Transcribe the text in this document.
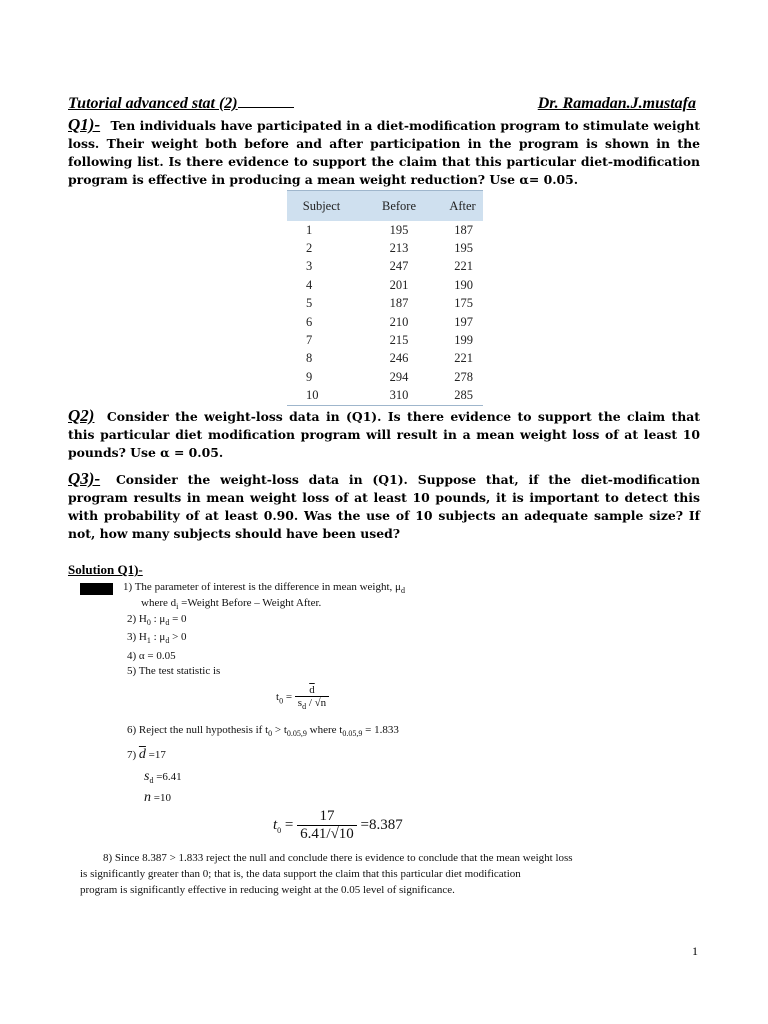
Tutorial advanced stat (2)	Dr. Ramadan.J.mustafa
Q1)- Ten individuals have participated in a diet-modification program to stimulate weight loss. Their weight both before and after participation in the program is shown in the following list. Is there evidence to support the claim that this particular diet-modification program is effective in producing a mean weight reduction? Use α= 0.05.
Subject	Before	After
1	195	187
2	213	195
3	247	221
4	201	190
5	187	175
6	210	197
7	215	199
8	246	221
9	294	278
10	310	285
Q2) Consider the weight-loss data in (Q1). Is there evidence to support the claim that this particular diet modification program will result in a mean weight loss of at least 10 pounds? Use α = 0.05.
Q3)- Consider the weight-loss data in (Q1). Suppose that, if the diet-modification program results in mean weight loss of at least 10 pounds, it is important to detect this with probability of at least 0.90. Was the use of 10 subjects an adequate sample size? If not, how many subjects should have been used?
Solution Q1)-
1) The parameter of interest is the difference in mean weight, $\mu_d$
where $d_i$ =Weight Before – Weight After.
2) $H_0$ : $\mu_d = 0$
3) $H_1$ : $\mu_d > 0$
4) α = 0.05
5) The test statistic is
$t_0 = \frac{\overline{d}}{s_d / √n}$
6) Reject the null hypothesis if $t_0 > t_{0.05,9}$ where $t_{0.05,9} = 1.833$
7) $\overline{d} =17$
$s_d =6.41$
n =10
$t_0 = \frac{17}{6.41/√10} =8.387$
8) Since 8.387 > 1.833 reject the null and conclude there is evidence to conclude that the mean weight loss
is significantly greater than 0; that is, the data support the claim that this particular diet modification
program is significantly effective in reducing weight at the 0.05 level of significance.
1
